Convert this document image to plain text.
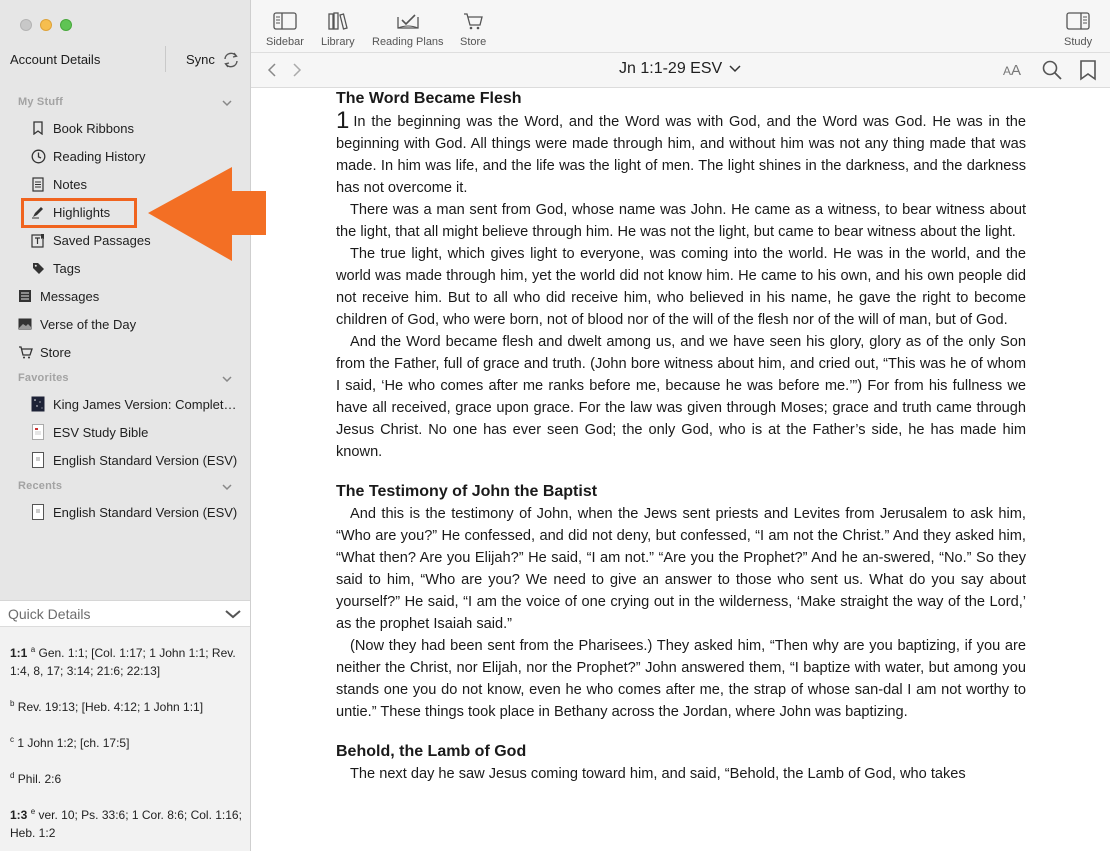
Account Details	Sync
My Stuff
Book Ribbons
Reading History
Notes
Highlights
Saved Passages
Tags
Messages
Verse of the Day
Store
Favorites
King James Version: Complet…
ESV Study Bible
English Standard Version (ESV)
Recents
English Standard Version (ESV)
Quick Details
1:1 $^a$ Gen. 1:1; [Col. 1:17; 1 John 1:1; Rev. 1:4, 8, 17; 3:14; 21:6; 22:13]
$^b$ Rev. 19:13; [Heb. 4:12; 1 John 1:1]
$^c$ 1 John 1:2; [ch. 17:5]
$^d$ Phil. 2:6
1:3 $^e$ ver. 10; Ps. 33:6; 1 Cor. 8:6; Col. 1:16; Heb. 1:2
Sidebar Library Reading Plans Store	Study
Jn 1:1-29 ESV	AA
The Word Became Flesh

1 In the beginning was the Word, and the Word was with God, and the Word was God. He was in the beginning with God. All things were made through him, and without him was not any thing made that was made. In him was life, and the life was the light of men. The light shines in the darkness, and the darkness has not overcome it.

There was a man sent from God, whose name was John. He came as a witness, to bear witness about the light, that all might believe through him. He was not the light, but came to bear witness about the light.

The true light, which gives light to everyone, was coming into the world. He was in the world, and the world was made through him, yet the world did not know him. He came to his own, and his own people did not receive him. But to all who did receive him, who believed in his name, he gave the right to become children of God, who were born, not of blood nor of the will of the flesh nor of the will of man, but of God.

And the Word became flesh and dwelt among us, and we have seen his glory, glory as of the only Son from the Father, full of grace and truth. (John bore witness about him, and cried out, “This was he of whom I said, ‘He who comes after me ranks before me, because he was before me.’”) For from his fullness we have all received, grace upon grace. For the law was given through Moses; grace and truth came through Jesus Christ. No one has ever seen God; the only God, who is at the Father’s side, he has made him known.

The Testimony of John the Baptist

And this is the testimony of John, when the Jews sent priests and Levites from Jerusalem to ask him, “Who are you?” He confessed, and did not deny, but confessed, “I am not the Christ.” And they asked him, “What then? Are you Elijah?” He said, “I am not.” “Are you the Prophet?” And he an-swered, “No.” So they said to him, “Who are you? We need to give an answer to those who sent us. What do you say about yourself?” He said, “I am the voice of one crying out in the wilderness, ‘Make straight the way of the Lord,’ as the prophet Isaiah said.”

(Now they had been sent from the Pharisees.) They asked him, “Then why are you baptizing, if you are neither the Christ, nor Elijah, nor the Prophet?” John answered them, “I baptize with water, but among you stands one you do not know, even he who comes after me, the strap of whose san-dal I am not worthy to untie.” These things took place in Bethany across the Jordan, where John was baptizing.

Behold, the Lamb of God

The next day he saw Jesus coming toward him, and said, “Behold, the Lamb of God, who takes
